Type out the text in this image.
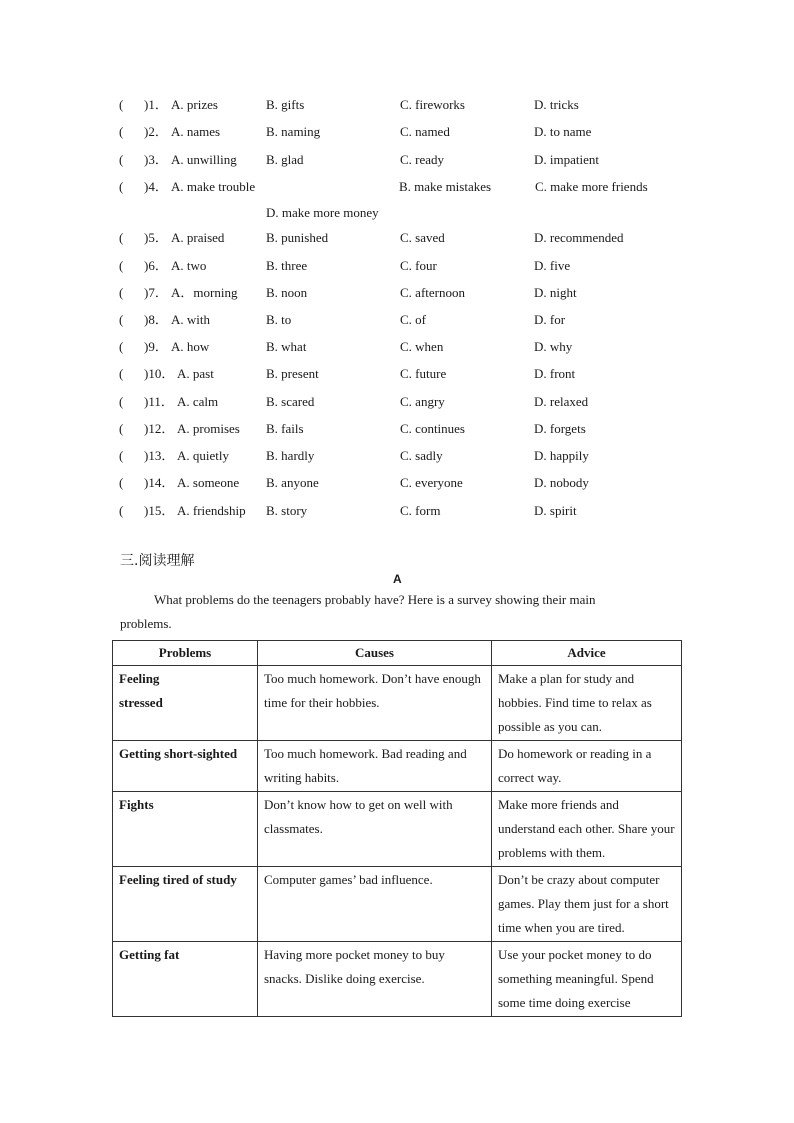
( )1． A. prizes	B. gifts	C. fireworks	D. tricks
( )2． A. names	B. naming	C. named	D. to name
( )3． A. unwilling B. glad	C. ready	D. impatient
( )4． A. make trouble	B. make mistakes	C. make more friends
D. make more money
( )5． A. praised	B. punished	C. saved	D. recommended
( )6． A. two	B. three	C. four	D. five
( )7． A．morning B. noon	C. afternoon	D. night
( )8． A. with	B. to	C. of	D. for
( )9． A. how	B. what	C. when	D. why
( )10． A. past	B. present	C. future	D. front
( )11． A. calm	B. scared	C. angry	D. relaxed
( )12． A. promises B. fails	C. continues	D. forgets
( )13． A. quietly	B. hardly	C. sadly	D. happily
( )14． A. someone B. anyone	C. everyone	D. nobody
( )15． A. friendship B. story	C. form	D. spirit
三.阅读理解
A

What problems do the teenagers probably have? Here is a survey showing their main problems.

Problems	Causes	Advice

Feeling stressed	Too much homework. Don’t have enough time for their hobbies.	Make a plan for study and hobbies. Find time to relax as possible as you can.
Getting short-sighted	Too much homework. Bad reading and writing habits.	Do homework or reading in a correct way.
Fights	Don’t know how to get on well with classmates.	Make more friends and understand each other. Share your problems with them.
Feeling tired of study	Computer games’ bad influence.	Don’t be crazy about computer games. Play them just for a short time when you are tired.
Getting fat	Having more pocket money to buy snacks. Dislike doing exercise.	Use your pocket money to do something meaningful. Spend some time doing exercise
